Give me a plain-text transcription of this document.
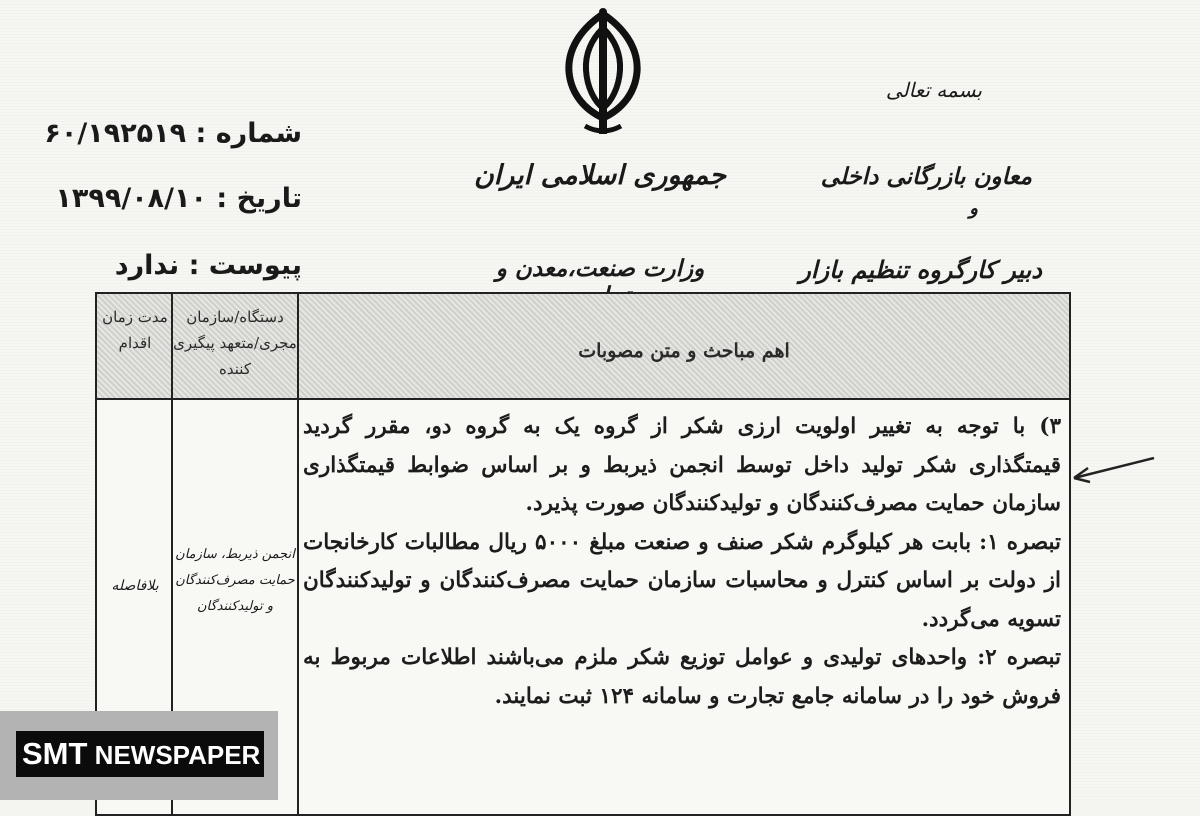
جمهوری اسلامی ایران
وزارت صنعت،معدن و
بسمه تعالی
معاون بازرگانی داخلی
و
دبیر کارگروه تنظیم بازار
شماره : ۶۰/۱۹۲۵۱۹
تاریخ : ۱۳۹۹/۰۸/۱۰
پیوست : ندارد
اهم مباحث و متن مصوبات
دستگاه/سازمان مجری/متعهد پیگیری کننده
مدت زمان اقدام

۳) با توجه به تغییر اولویت ارزی شکر از گروه یک به گروه دو، مقرر گردید قیمتگذاری شکر تولید داخل توسط انجمن ذیربط و بر اساس ضوابط قیمتگذاری سازمان حمایت مصرف‌کنندگان و تولیدکنندگان صورت پذیرد.

تبصره ۱: بابت هر کیلوگرم شکر صنف و صنعت مبلغ ۵۰۰۰ ریال مطالبات کارخانجات از دولت بر اساس کنترل و محاسبات سازمان حمایت مصرف‌کنندگان و تولیدکنندگان تسویه می‌گردد.

تبصره ۲: واحدهای تولیدی و عوامل توزیع شکر ملزم می‌باشند اطلاعات مربوط به فروش خود را در سامانه جامع تجارت و سامانه ۱۲۴ ثبت نمایند.

انجمن ذیربط، سازمان حمایت مصرف‌کنندگان و تولیدکنندگان
بلافاصله
SMT NEWSPAPER
